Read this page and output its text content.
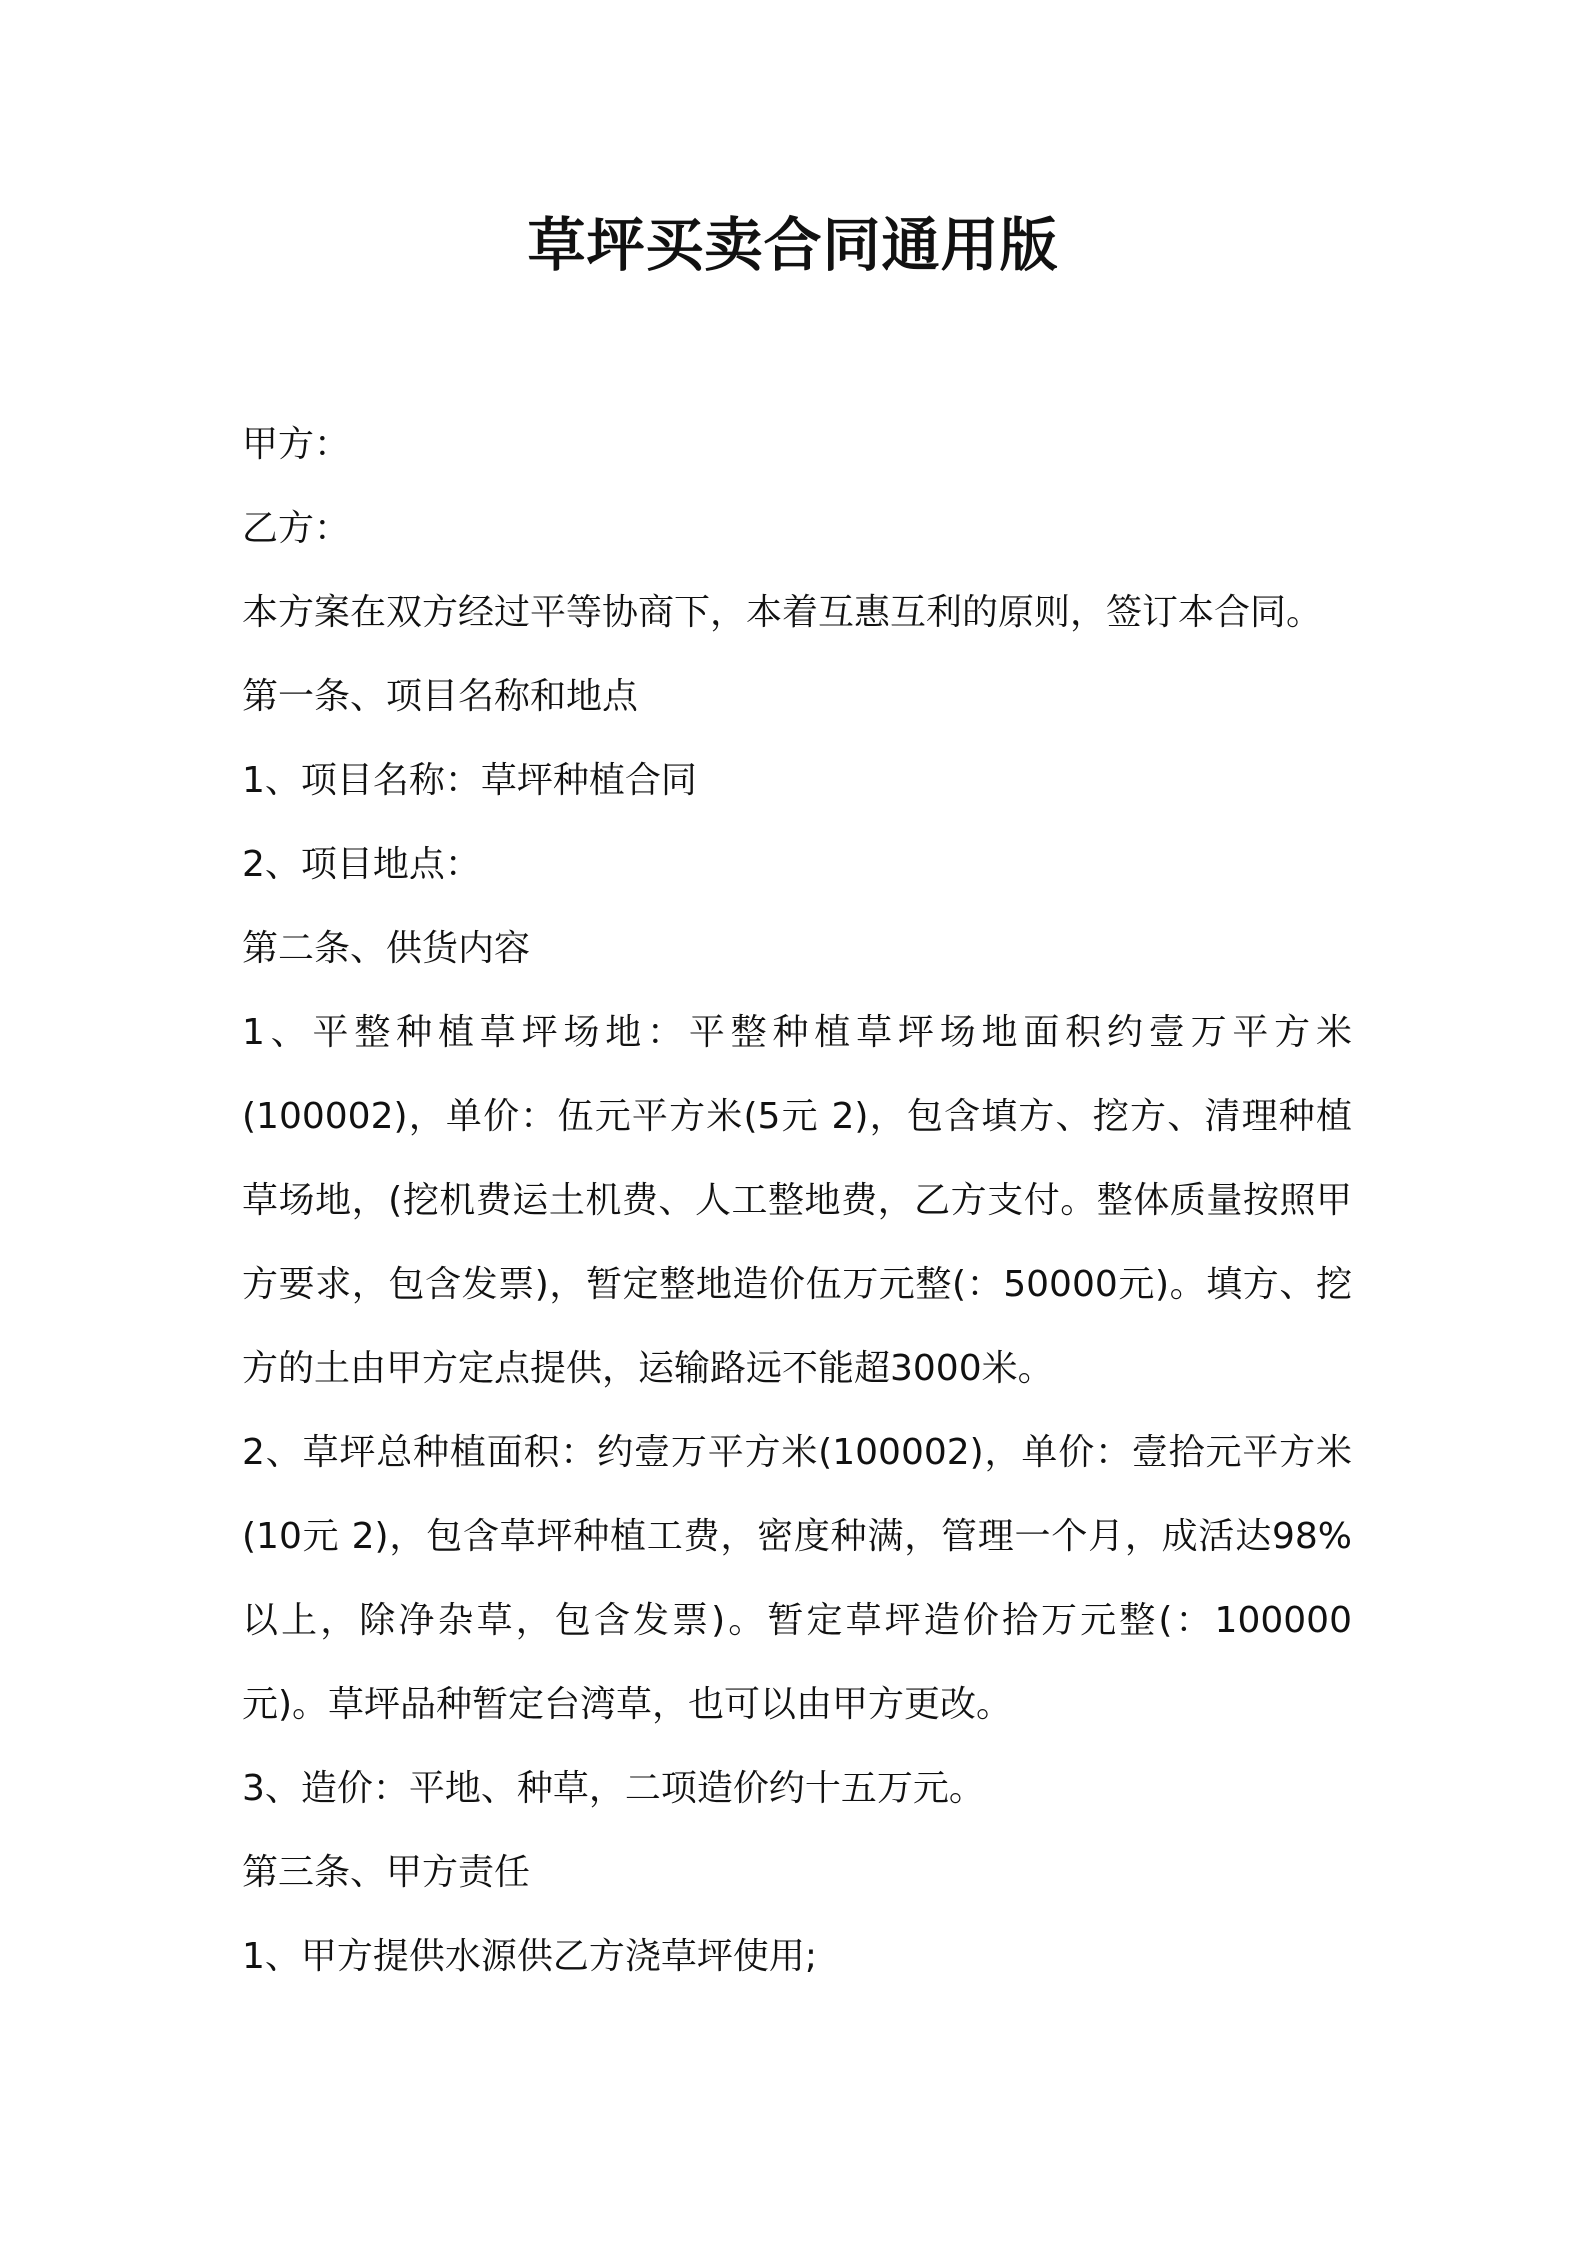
草坪买卖合同通用版

甲方：

乙方：

本方案在双方经过平等协商下，本着互惠互利的原则，签订本合同。

第一条、项目名称和地点

1、项目名称：草坪种植合同

2、项目地点：

第二条、供货内容

1、平整种植草坪场地：平整种植草坪场地面积约壹万平方米(100002)，单价：伍元平方米(5元 2)，包含填方、挖方、清理种植草场地，(挖机费运土机费、人工整地费，乙方支付。整体质量按照甲方要求，包含发票)，暂定整地造价伍万元整(：50000元)。填方、挖方的土由甲方定点提供，运输路远不能超3000米。

2、草坪总种植面积：约壹万平方米(100002)，单价：壹拾元平方米(10元 2)，包含草坪种植工费，密度种满，管理一个月，成活达98%以上，除净杂草，包含发票)。暂定草坪造价拾万元整(：100000元)。草坪品种暂定台湾草，也可以由甲方更改。

3、造价：平地、种草，二项造价约十五万元。

第三条、甲方责任

1、甲方提供水源供乙方浇草坪使用;
